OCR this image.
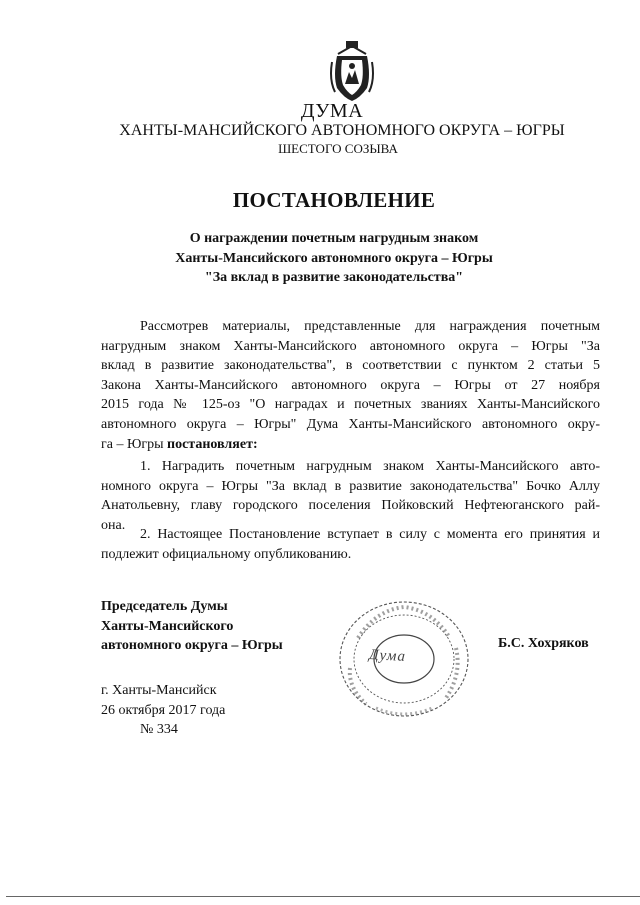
ДУМА
ХАНТЫ-МАНСИЙСКОГО АВТОНОМНОГО ОКРУГА – ЮГРЫ
ШЕСТОГО СОЗЫВА
ПОСТАНОВЛЕНИЕ
О награждении почетным нагрудным знаком
Ханты-Мансийского автономного округа – Югры
"За вклад в развитие законодательства"
Рассмотрев материалы, представленные для награждения почетным
нагрудным знаком Ханты-Мансийского автономного округа – Югры "За
вклад в развитие законодательства", в соответствии с пунктом 2 статьи 5
Закона Ханты-Мансийского автономного округа – Югры от 27 ноября
2015 года № 125-оз "О наградах и почетных званиях Ханты-Мансийского
автономного округа – Югры" Дума Ханты-Мансийского автономного окру-
га – Югры постановляет:
1. Наградить почетным нагрудным знаком Ханты-Мансийского авто-
номного округа – Югры "За вклад в развитие законодательства" Бочко Аллу
Анатольевну, главу городского поселения Пойковский Нефтеюганского рай-
она.
2. Настоящее Постановление вступает в силу с момента его принятия и
подлежит официальному опубликованию.
Председатель Думы
Ханты-Мансийского
автономного округа – Югры	Б.С. Хохряков
Дума
г. Ханты-Мансийск
26 октября 2017 года
№ 334
